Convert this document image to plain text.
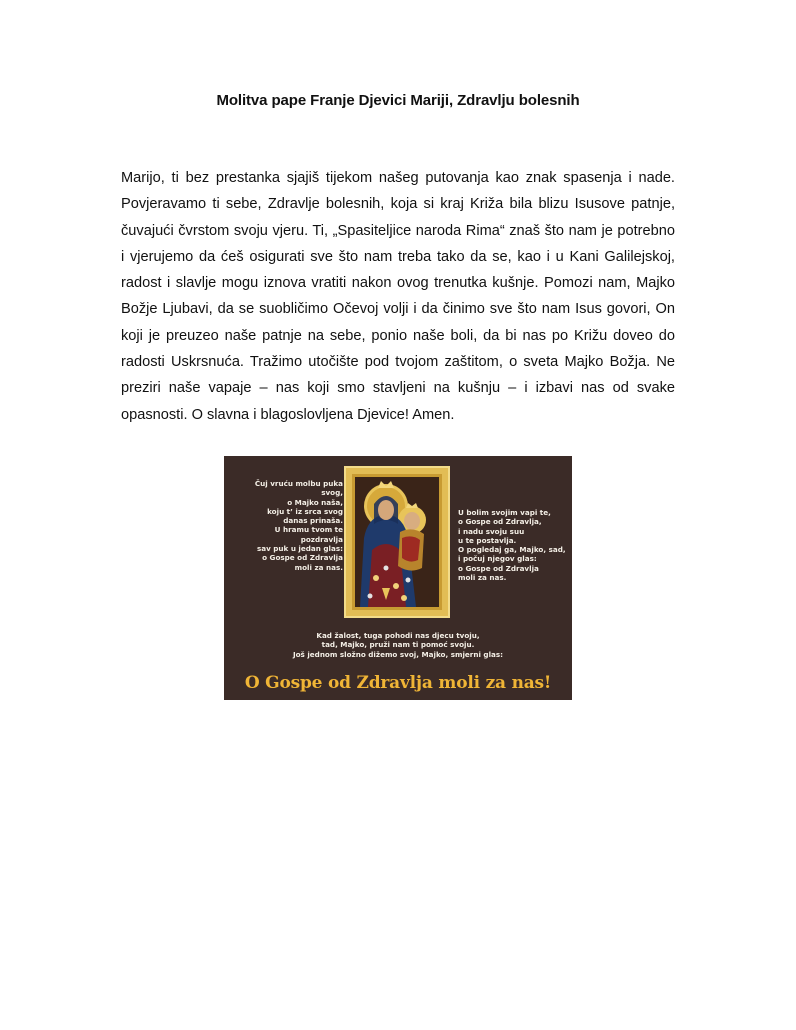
Molitva pape Franje Djevici Mariji, Zdravlju bolesnih

Marijo, ti bez prestanka sjajiš tijekom našeg putovanja kao znak spasenja i nade. Povjeravamo ti sebe, Zdravlje bolesnih, koja si kraj Križa bila blizu Isusove patnje, čuvajući čvrstom svoju vjeru. Ti, „Spasiteljice naroda Rima“ znaš što nam je potrebno i vjerujemo da ćeš osigurati sve što nam treba tako da se, kao i u Kani Galilejskoj, radost i slavlje mogu iznova vratiti nakon ovog trenutka kušnje. Pomozi nam, Majko Božje Ljubavi, da se suobličimo Očevoj volji i da činimo sve što nam Isus govori, On koji je preuzeo naše patnje na sebe, ponio naše boli, da bi nas po Križu doveo do radosti Uskrsnuća. Tražimo utočište pod tvojom zaštitom, o sveta Majko Božja. Ne preziri naše vapaje – nas koji smo stavljeni na kušnju – i izbavi nas od svake opasnosti. O slavna i blagoslovljena Djevice! Amen.

Čuj vruću molbu puka svog,
o Majko naša,
koju t’ iz srca svog
danas prinaša.
U hramu tvom te pozdravlja
sav puk u jedan glas:
o Gospe od Zdravlja
moli za nas.

U bolim svojim vapi te,
o Gospe od Zdravlja,
i nadu svoju suu
u te postavlja.
O pogledaj ga, Majko, sad,
i počuj njegov glas:
o Gospe od Zdravlja
moli za nas.

Kad žalost, tuga pohodi nas djecu tvoju,
tad, Majko, pruži nam ti pomoć svoju.
Još jednom složno dižemo svoj, Majko, smjerni glas:

O Gospe od Zdravlja moli za nas!
